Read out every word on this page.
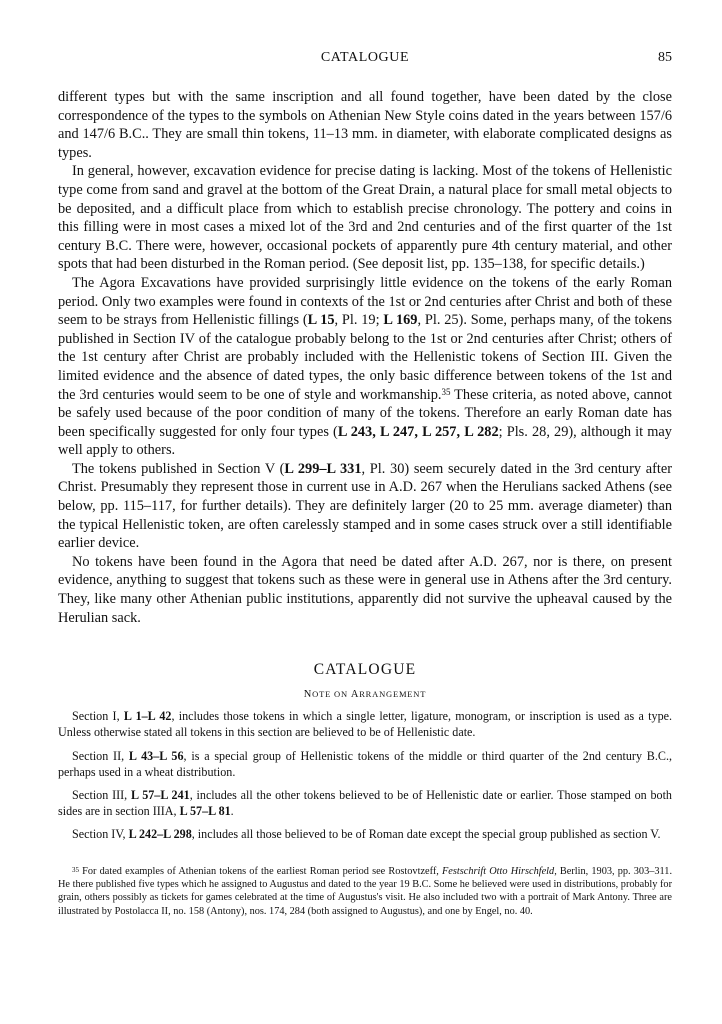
CATALOGUE	85

different types but with the same inscription and all found together, have been dated by the close correspondence of the types to the symbols on Athenian New Style coins dated in the years between 157/6 and 147/6 B.C.. They are small thin tokens, 11–13 mm. in diameter, with elaborate complicated designs as types.

In general, however, excavation evidence for precise dating is lacking. Most of the tokens of Hellenistic type come from sand and gravel at the bottom of the Great Drain, a natural place for small metal objects to be deposited, and a difficult place from which to establish precise chronology. The pottery and coins in this filling were in most cases a mixed lot of the 3rd and 2nd centuries and of the first quarter of the 1st century B.C. There were, however, occasional pockets of apparently pure 4th century material, and other spots that had been disturbed in the Roman period. (See deposit list, pp. 135–138, for specific details.)

The Agora Excavations have provided surprisingly little evidence on the tokens of the early Roman period. Only two examples were found in contexts of the 1st or 2nd centuries after Christ and both of these seem to be strays from Hellenistic fillings (L 15, Pl. 19; L 169, Pl. 25). Some, perhaps many, of the tokens published in Section IV of the catalogue probably belong to the 1st or 2nd centuries after Christ; others of the 1st century after Christ are probably included with the Hellenistic tokens of Section III. Given the limited evidence and the absence of dated types, the only basic difference between tokens of the 1st and the 3rd centuries would seem to be one of style and workmanship.$^{35}$ These criteria, as noted above, cannot be safely used because of the poor condition of many of the tokens. Therefore an early Roman date has been specifically suggested for only four types (L 243, L 247, L 257, L 282; Pls. 28, 29), although it may well apply to others.

The tokens published in Section V (L 299–L 331, Pl. 30) seem securely dated in the 3rd century after Christ. Presumably they represent those in current use in A.D. 267 when the Herulians sacked Athens (see below, pp. 115–117, for further details). They are definitely larger (20 to 25 mm. average diameter) than the typical Hellenistic token, are often carelessly stamped and in some cases struck over a still identifiable earlier device.

No tokens have been found in the Agora that need be dated after A.D. 267, nor is there, on present evidence, anything to suggest that tokens such as these were in general use in Athens after the 3rd century. They, like many other Athenian public institutions, apparently did not survive the upheaval caused by the Herulian sack.

CATALOGUE
NOTE ON ARRANGEMENT

Section I, L 1–L 42, includes those tokens in which a single letter, ligature, monogram, or inscription is used as a type. Unless otherwise stated all tokens in this section are believed to be of Hellenistic date.

Section II, L 43–L 56, is a special group of Hellenistic tokens of the middle or third quarter of the 2nd century B.C., perhaps used in a wheat distribution.

Section III, L 57–L 241, includes all the other tokens believed to be of Hellenistic date or earlier. Those stamped on both sides are in section IIIA, L 57–L 81.

Section IV, L 242–L 298, includes all those believed to be of Roman date except the special group published as section V.

$^{35}$ For dated examples of Athenian tokens of the earliest Roman period see Rostovtzeff, Festschrift Otto Hirschfeld, Berlin, 1903, pp. 303–311. He there published five types which he assigned to Augustus and dated to the year 19 B.C. Some he believed were used in distributions, probably for grain, others possibly as tickets for games celebrated at the time of Augustus's visit. He also included two with a portrait of Mark Antony. Three are illustrated by Postolacca II, no. 158 (Antony), nos. 174, 284 (both assigned to Augustus), and one by Engel, no. 40.
